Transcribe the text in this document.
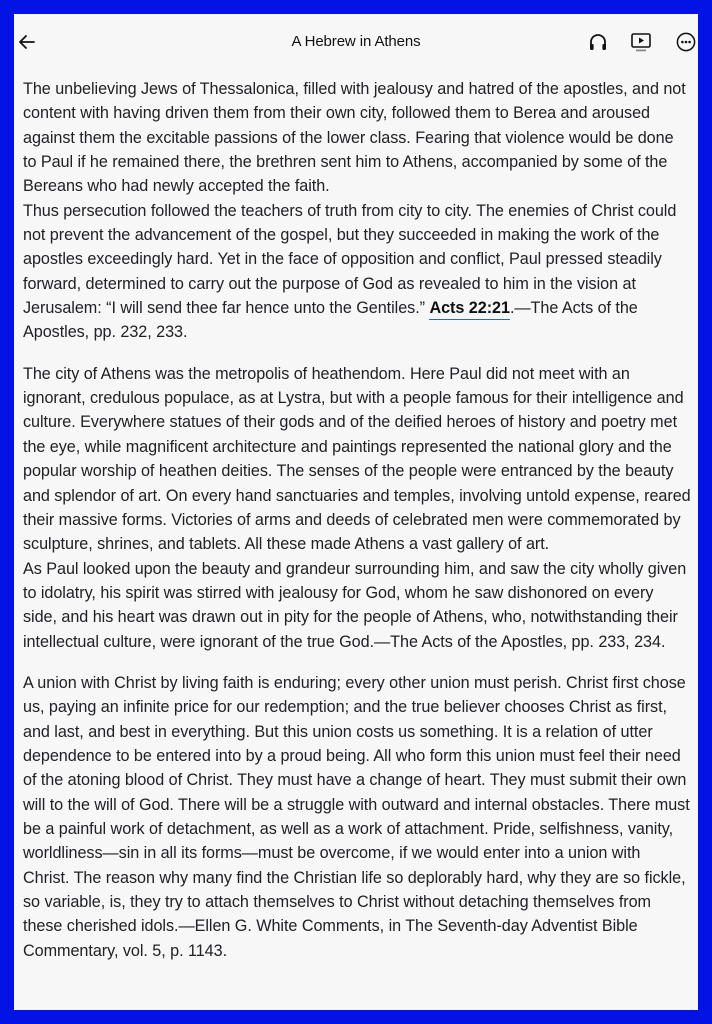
A Hebrew in Athens

The unbelieving Jews of Thessalonica, filled with jealousy and hatred of the apostles, and not content with having driven them from their own city, followed them to Berea and aroused against them the excitable passions of the lower class. Fearing that violence would be done to Paul if he remained there, the brethren sent him to Athens, accompanied by some of the Bereans who had newly accepted the faith.

Thus persecution followed the teachers of truth from city to city. The enemies of Christ could not prevent the advancement of the gospel, but they succeeded in making the work of the apostles exceedingly hard. Yet in the face of opposition and conflict, Paul pressed steadily forward, determined to carry out the purpose of God as revealed to him in the vision at Jerusalem: “I will send thee far hence unto the Gentiles.” Acts 22:21.—The Acts of the Apostles, pp. 232, 233.

The city of Athens was the metropolis of heathendom. Here Paul did not meet with an ignorant, credulous populace, as at Lystra, but with a people famous for their intelligence and culture. Everywhere statues of their gods and of the deified heroes of history and poetry met the eye, while magnificent architecture and paintings represented the national glory and the popular worship of heathen deities. The senses of the people were entranced by the beauty and splendor of art. On every hand sanctuaries and temples, involving untold expense, reared their massive forms. Victories of arms and deeds of celebrated men were commemorated by sculpture, shrines, and tablets. All these made Athens a vast gallery of art.

As Paul looked upon the beauty and grandeur surrounding him, and saw the city wholly given to idolatry, his spirit was stirred with jealousy for God, whom he saw dishonored on every side, and his heart was drawn out in pity for the people of Athens, who, notwithstanding their intellectual culture, were ignorant of the true God.—The Acts of the Apostles, pp. 233, 234.

A union with Christ by living faith is enduring; every other union must perish. Christ first chose us, paying an infinite price for our redemption; and the true believer chooses Christ as first, and last, and best in everything. But this union costs us something. It is a relation of utter dependence to be entered into by a proud being. All who form this union must feel their need of the atoning blood of Christ. They must have a change of heart. They must submit their own will to the will of God. There will be a struggle with outward and internal obstacles. There must be a painful work of detachment, as well as a work of attachment. Pride, selfishness, vanity, worldliness—sin in all its forms—must be overcome, if we would enter into a union with Christ. The reason why many find the Christian life so deplorably hard, why they are so fickle, so variable, is, they try to attach themselves to Christ without detaching themselves from these cherished idols.—Ellen G. White Comments, in The Seventh-day Adventist Bible Commentary, vol. 5, p. 1143.
